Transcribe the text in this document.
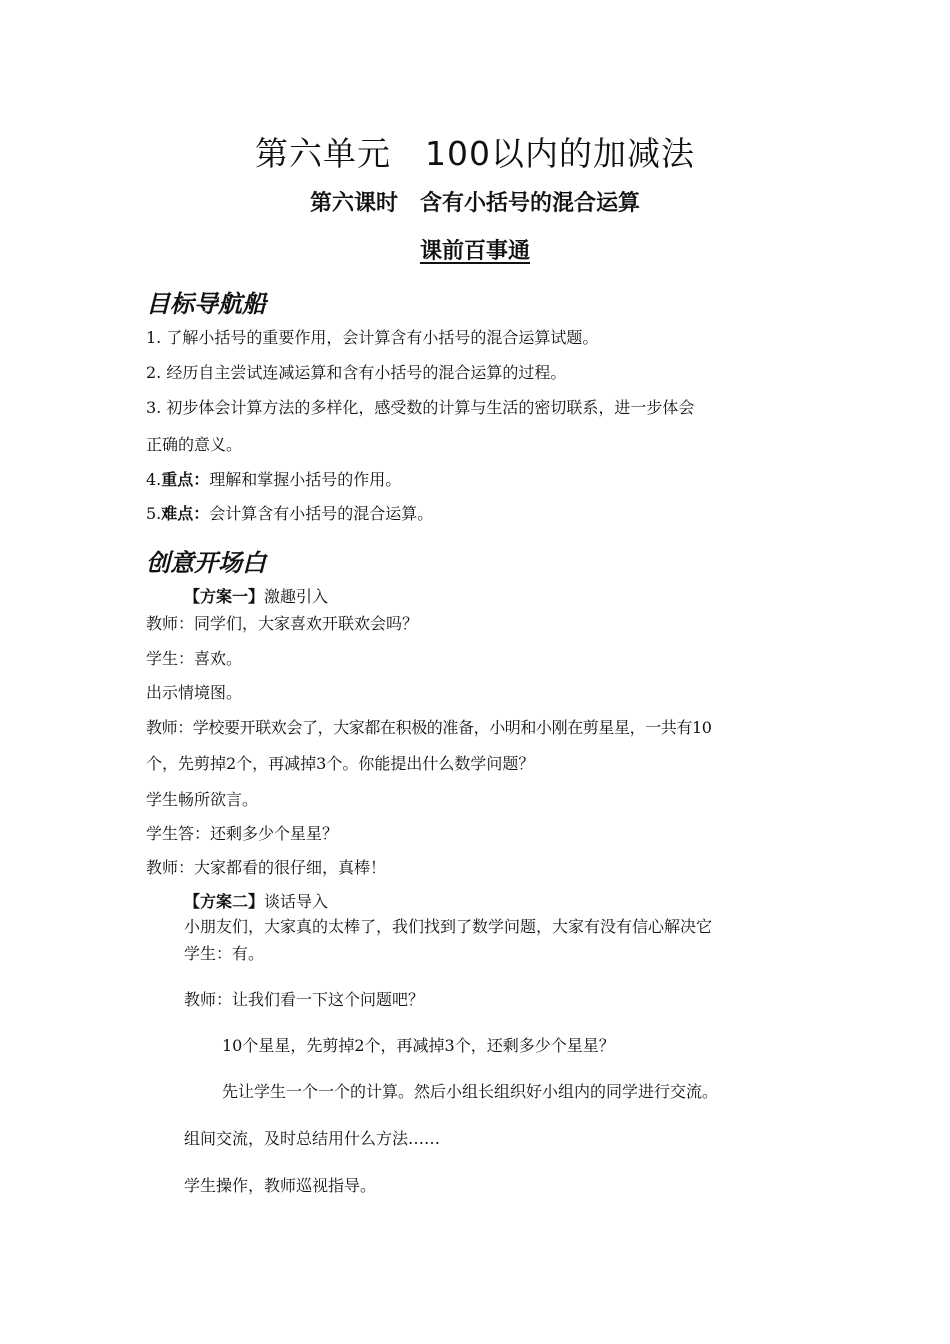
第六单元　100以内的加减法
第六课时　含有小括号的混合运算
课前百事通
目标导航船
1. 了解小括号的重要作用，会计算含有小括号的混合运算试题。
2. 经历自主尝试连减运算和含有小括号的混合运算的过程。
3. 初步体会计算方法的多样化，感受数的计算与生活的密切联系，进一步体会
正确的意义。
4.重点：理解和掌握小括号的作用。
5.难点：会计算含有小括号的混合运算。
创意开场白
【方案一】激趣引入
教师：同学们，大家喜欢开联欢会吗？
学生：喜欢。
出示情境图。
教师：学校要开联欢会了，大家都在积极的准备，小明和小刚在剪星星，一共有10
个，先剪掉2个，再减掉3个。你能提出什么数学问题？
学生畅所欲言。
学生答：还剩多少个星星？
教师：大家都看的很仔细，真棒！
【方案二】谈话导入
小朋友们，大家真的太棒了，我们找到了数学问题，大家有没有信心解决它
学生：有。
教师：让我们看一下这个问题吧？
10个星星，先剪掉2个，再减掉3个，还剩多少个星星？
先让学生一个一个的计算。然后小组长组织好小组内的同学进行交流。
组间交流，及时总结用什么方法……
学生操作，教师巡视指导。
